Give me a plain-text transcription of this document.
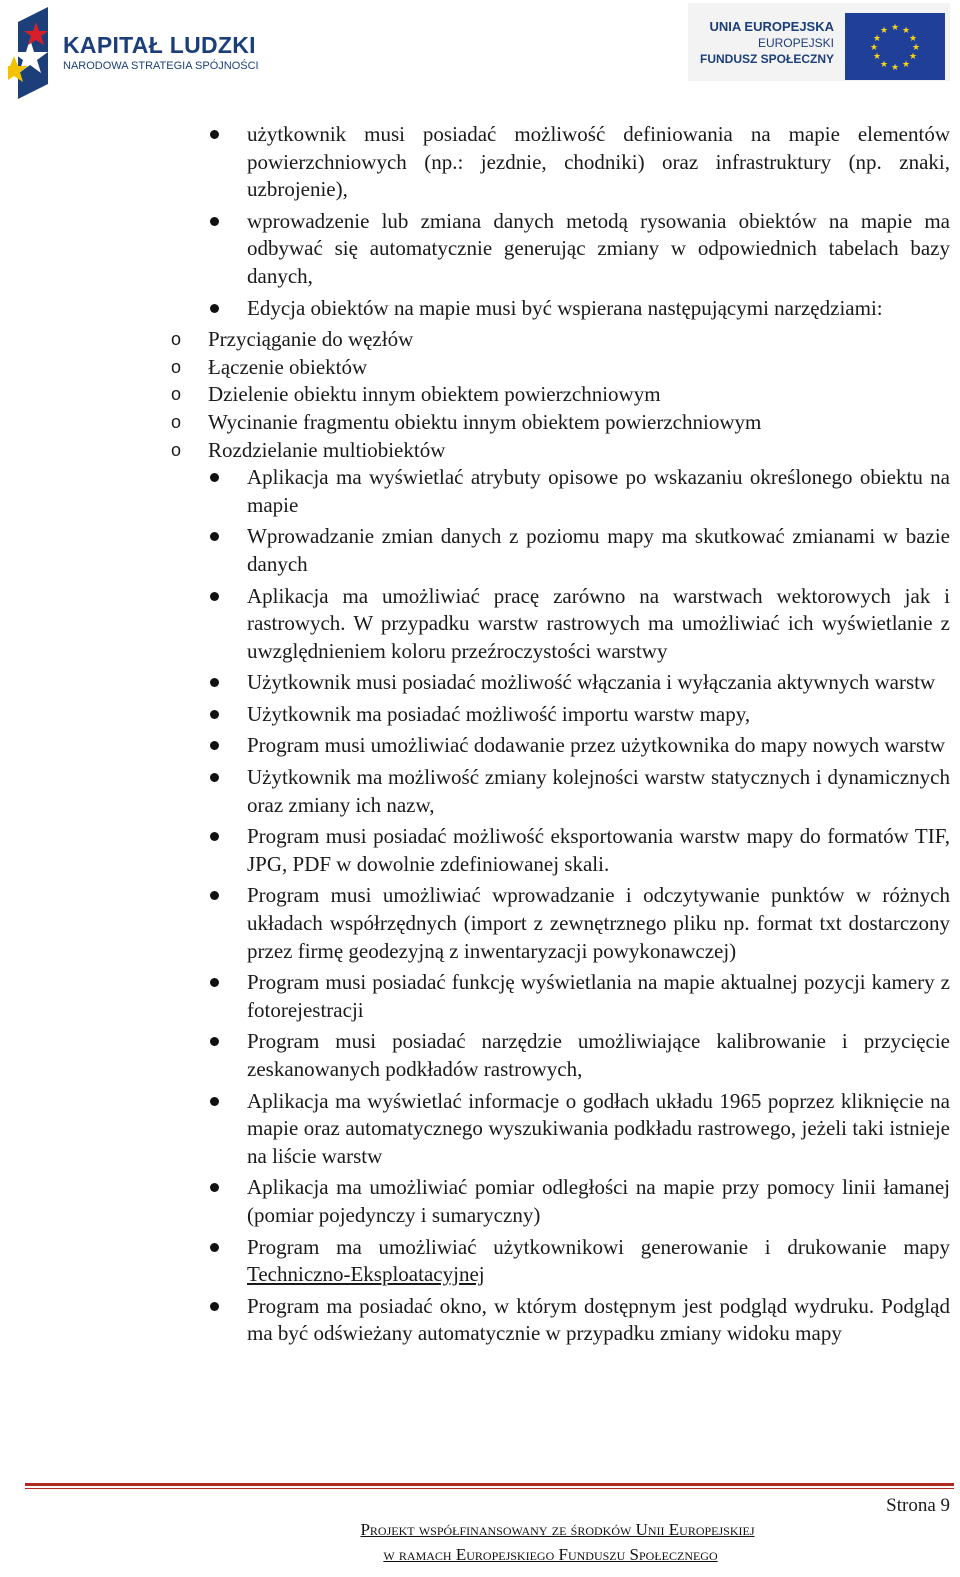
KAPITAŁ LUDZKI
NARODOWA STRATEGIA SPÓJNOŚCI
UNIA EUROPEJSKA
EUROPEJSKI
FUNDUSZ SPOŁECZNY
★ ★
★
★
★
★
★
★
★
★
★
★
użytkownik musi posiadać możliwość definiowania na mapie elementów powierzchniowych (np.: jezdnie, chodniki) oraz infrastruktury (np. znaki, uzbrojenie),
wprowadzenie lub zmiana danych metodą rysowania obiektów na mapie ma odbywać się automatycznie generując zmiany w odpowiednich tabelach bazy danych,
Edycja obiektów na mapie musi być wspierana następującymi narzędziami:
o Przyciąganie do węzłów
o Łączenie obiektów
o Dzielenie obiektu innym obiektem powierzchniowym
o Wycinanie fragmentu obiektu innym obiektem powierzchniowym
o Rozdzielanie multiobiektów
Aplikacja ma wyświetlać atrybuty opisowe po wskazaniu określonego obiektu na mapie
Wprowadzanie zmian danych z poziomu mapy ma skutkować zmianami w bazie danych
Aplikacja ma umożliwiać pracę zarówno na warstwach wektorowych jak i rastrowych. W przypadku warstw rastrowych ma umożliwiać ich wyświetlanie z uwzględnieniem koloru przeźroczystości warstwy
Użytkownik musi posiadać możliwość włączania i wyłączania aktywnych warstw
Użytkownik ma posiadać możliwość importu warstw mapy,
Program musi umożliwiać dodawanie przez użytkownika do mapy nowych warstw
Użytkownik ma możliwość zmiany kolejności warstw statycznych i dynamicznych oraz zmiany ich nazw,
Program musi posiadać możliwość eksportowania warstw mapy do formatów TIF, JPG, PDF w dowolnie zdefiniowanej skali.
Program musi umożliwiać wprowadzanie i odczytywanie punktów w różnych układach współrzędnych (import z zewnętrznego pliku np. format txt dostarczony przez firmę geodezyjną z inwentaryzacji powykonawczej)
Program musi posiadać funkcję wyświetlania na mapie aktualnej pozycji kamery z fotorejestracji
Program musi posiadać narzędzie umożliwiające kalibrowanie i przycięcie zeskanowanych podkładów rastrowych,
Aplikacja ma wyświetlać informacje o godłach układu 1965 poprzez kliknięcie na mapie oraz automatycznego wyszukiwania podkładu rastrowego, jeżeli taki istnieje na liście warstw
Aplikacja ma umożliwiać pomiar odległości na mapie przy pomocy linii łamanej (pomiar pojedynczy i sumaryczny)
Program ma umożliwiać użytkownikowi generowanie i drukowanie mapy Techniczno-Eksploatacyjnej
Program ma posiadać okno, w którym dostępnym jest podgląd wydruku. Podgląd ma być odświeżany automatycznie w przypadku zmiany widoku mapy
Strona 9
Projekt współfinansowany ze środków Unii Europejskiej
w ramach Europejskiego Funduszu Społecznego
